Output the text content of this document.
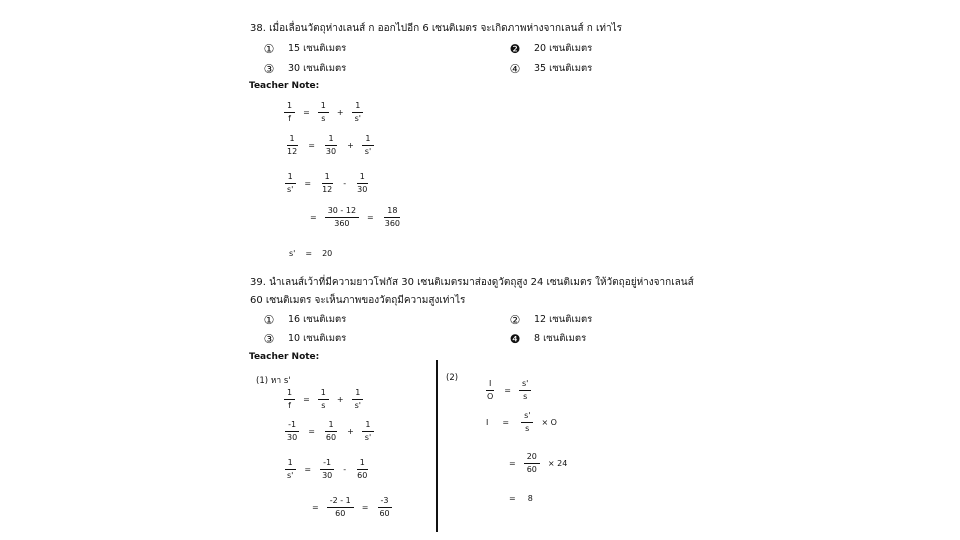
38. เมื่อเลื่อนวัตถุห่างเลนส์ ก ออกไปอีก 6 เซนติเมตร จะเกิดภาพห่างจากเลนส์ ก เท่าไร
① 15 เซนติเมตร	❷ 20 เซนติเมตร
③ 30 เซนติเมตร	④ 35 เซนติเมตร
Teacher Note:
$\frac{1}{f} = \frac{1}{s} + \frac{1}{s'}$
$\frac{1}{12} = \frac{1}{30} + \frac{1}{s'}$
$\frac{1}{s'} = \frac{1}{12} - \frac{1}{30}$
= $\frac{30 - 12}{360} = \frac{18}{360}$
s' = 20
39. นำเลนส์เว้าที่มีความยาวโฟกัส 30 เซนติเมตรมาส่องดูวัตถุสูง 24 เซนติเมตร ให้วัตถุอยู่ห่างจากเลนส์
60 เซนติเมตร จะเห็นภาพของวัตถุมีความสูงเท่าไร
① 16 เซนติเมตร	② 12 เซนติเมตร
③ 10 เซนติเมตร	❹ 8 เซนติเมตร
Teacher Note:
(1) หา s'
$\frac{1}{f} = \frac{1}{s} + \frac{1}{s'}$
$\frac{-1}{30} = \frac{1}{60} + \frac{1}{s'}$
$\frac{1}{s'} = \frac{-1}{30} - \frac{1}{60}$
= $\frac{-2 - 1}{60} = \frac{-3}{60}$
(2)
$\frac{I}{O} = \frac{s'}{s}$
$I = \frac{s'}{s} \times O$
= $\frac{20}{60} \times 24$
= 8
